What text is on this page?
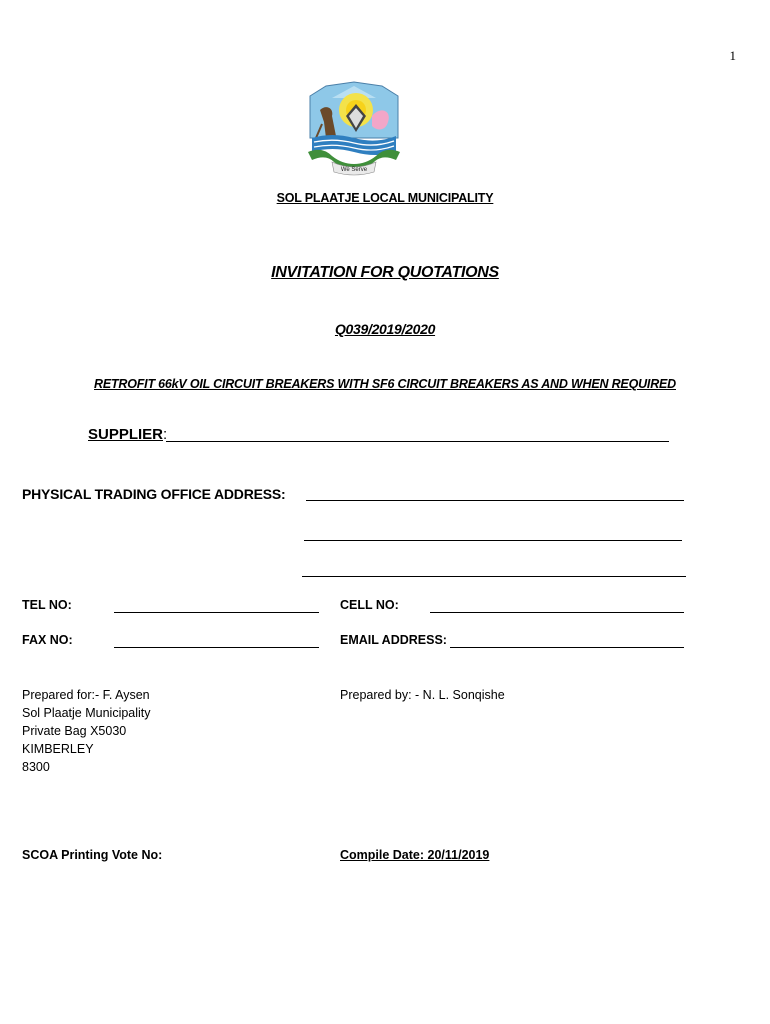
1
We Serve
SOL PLAATJE LOCAL MUNICIPALITY
INVITATION FOR QUOTATIONS
Q039/2019/2020
RETROFIT 66kV OIL CIRCUIT BREAKERS WITH SF6 CIRCUIT BREAKERS AS AND WHEN REQUIRED
SUPPLIER:
PHYSICAL TRADING OFFICE ADDRESS:
TEL NO:	CELL NO:
FAX NO:	EMAIL ADDRESS:
Prepared for:- F. Aysen
Sol Plaatje Municipality
Private Bag X5030
KIMBERLEY
8300
Prepared by: - N. L. Sonqishe
SCOA Printing Vote No:	Compile Date: 20/11/2019
